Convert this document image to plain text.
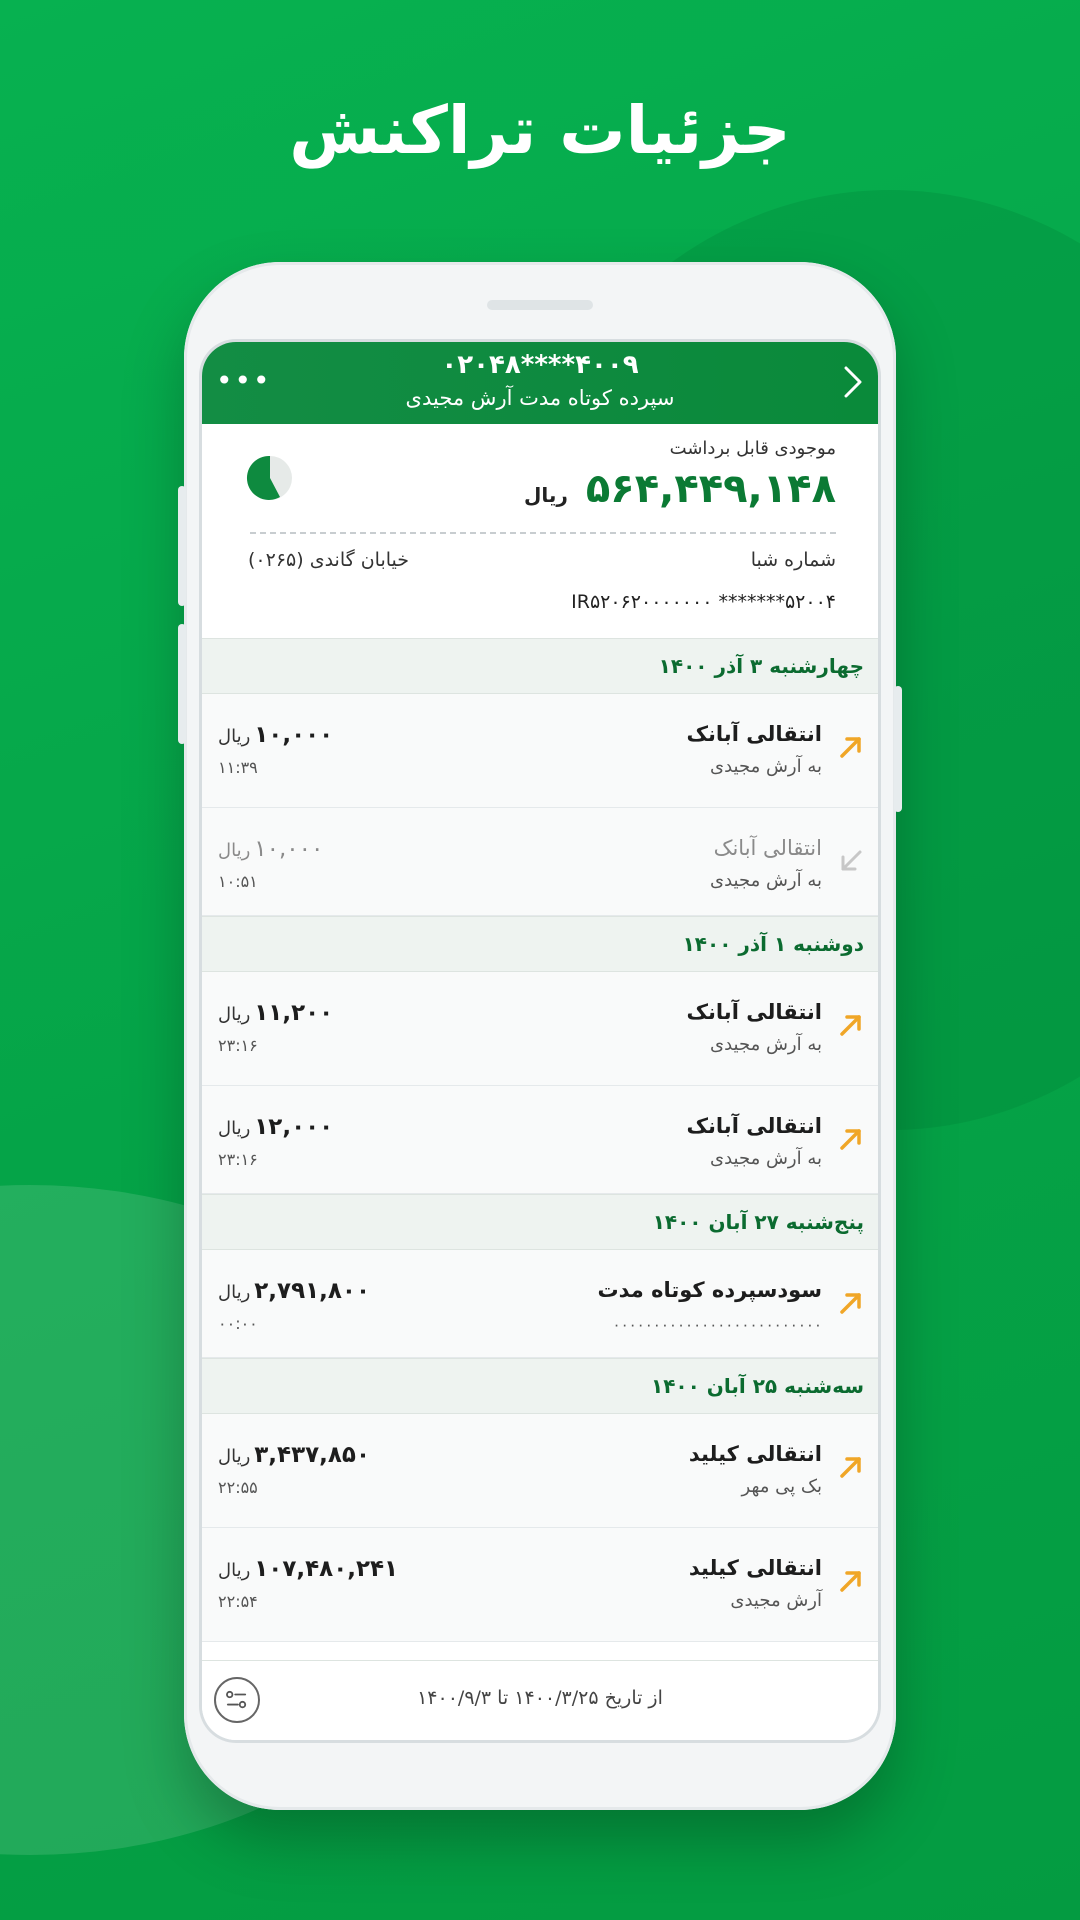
جزئیات تراکنش
•••	۰۲۰۴۸****۴۰۰۹
سپرده کوتاه مدت آرش مجیدی
موجودی قابل برداشت
۵۶۴,۴۴۹,۱۴۸ ریال
شماره شبا
خیابان گاندی (۰۲۶۵)
IR۵۲۰۶۲۰۰۰۰۰۰۰ *******۵۲۰۰۴
چهارشنبه ۳ آذر ۱۴۰۰
انتقالی آبانک
به آرش مجیدی
۱۰,۰۰۰ریال
۱۱:۳۹
انتقالی آبانک
به آرش مجیدی
۱۰,۰۰۰ریال
۱۰:۵۱
دوشنبه ۱ آذر ۱۴۰۰
انتقالی آبانک
به آرش مجیدی
۱۱,۲۰۰ریال
۲۳:۱۶
انتقالی آبانک
به آرش مجیدی
۱۲,۰۰۰ریال
۲۳:۱۶
پنج‌شنبه ۲۷ آبان ۱۴۰۰
سودسپرده کوتاه مدت
۰۰۰۰۰۰۰۰۰۰۰۰۰۰۰۰۰۰۰۰۰۰۰۰۰۰
۲,۷۹۱,۸۰۰ریال
۰۰:۰۰
سه‌شنبه ۲۵ آبان ۱۴۰۰
انتقالی کیلید
بک پی مهر
۳,۴۳۷,۸۵۰ریال
۲۲:۵۵
انتقالی کیلید
آرش مجیدی
۱۰۷,۴۸۰,۲۴۱ریال
۲۲:۵۴
از تاریخ ۱۴۰۰/۳/۲۵ تا ۱۴۰۰/۹/۳
